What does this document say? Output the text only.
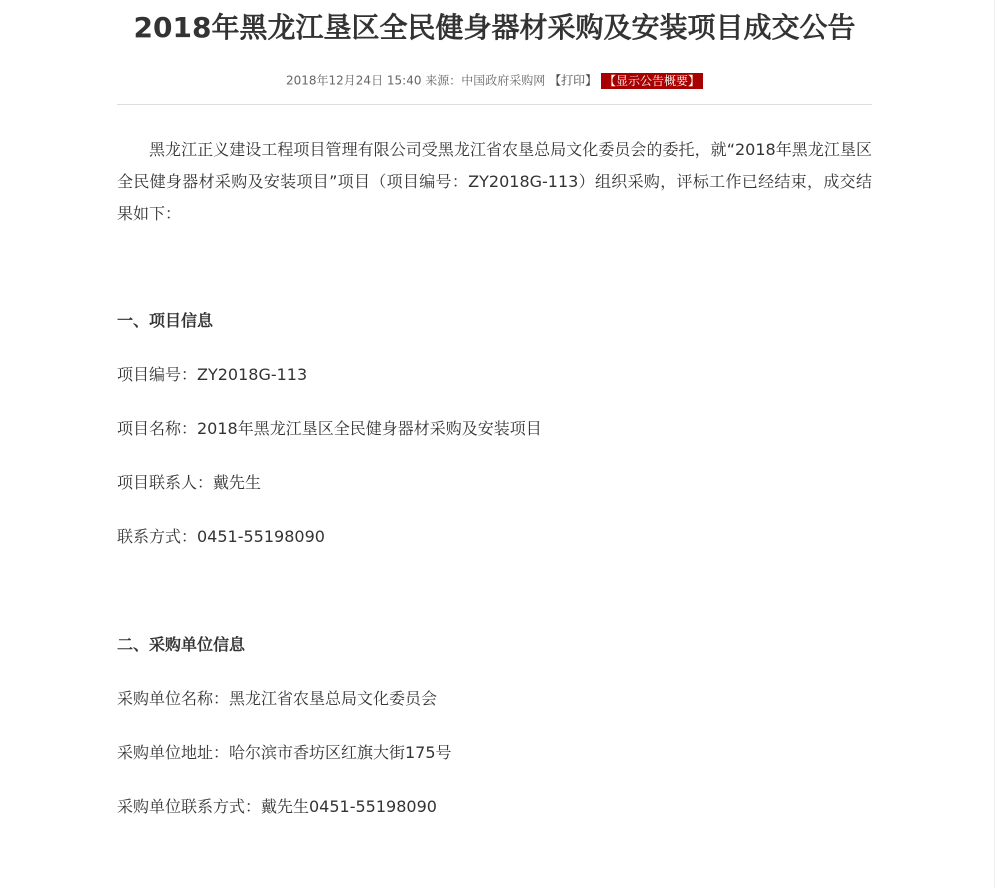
2018年黑龙江垦区全民健身器材采购及安装项目成交公告
2018年12月24日 15:40 来源：中国政府采购网 【打印】 【显示公告概要】

黑龙江正义建设工程项目管理有限公司受黑龙江省农垦总局文化委员会的委托，就“2018年黑龙江垦区全民健身器材采购及安装项目”项目（项目编号：ZY2018G-113）组织采购，评标工作已经结束，成交结果如下：

一、项目信息
项目编号：ZY2018G-113
项目名称：2018年黑龙江垦区全民健身器材采购及安装项目
项目联系人：戴先生
联系方式：0451-55198090
二、采购单位信息
采购单位名称：黑龙江省农垦总局文化委员会
采购单位地址：哈尔滨市香坊区红旗大街175号
采购单位联系方式：戴先生0451-55198090
